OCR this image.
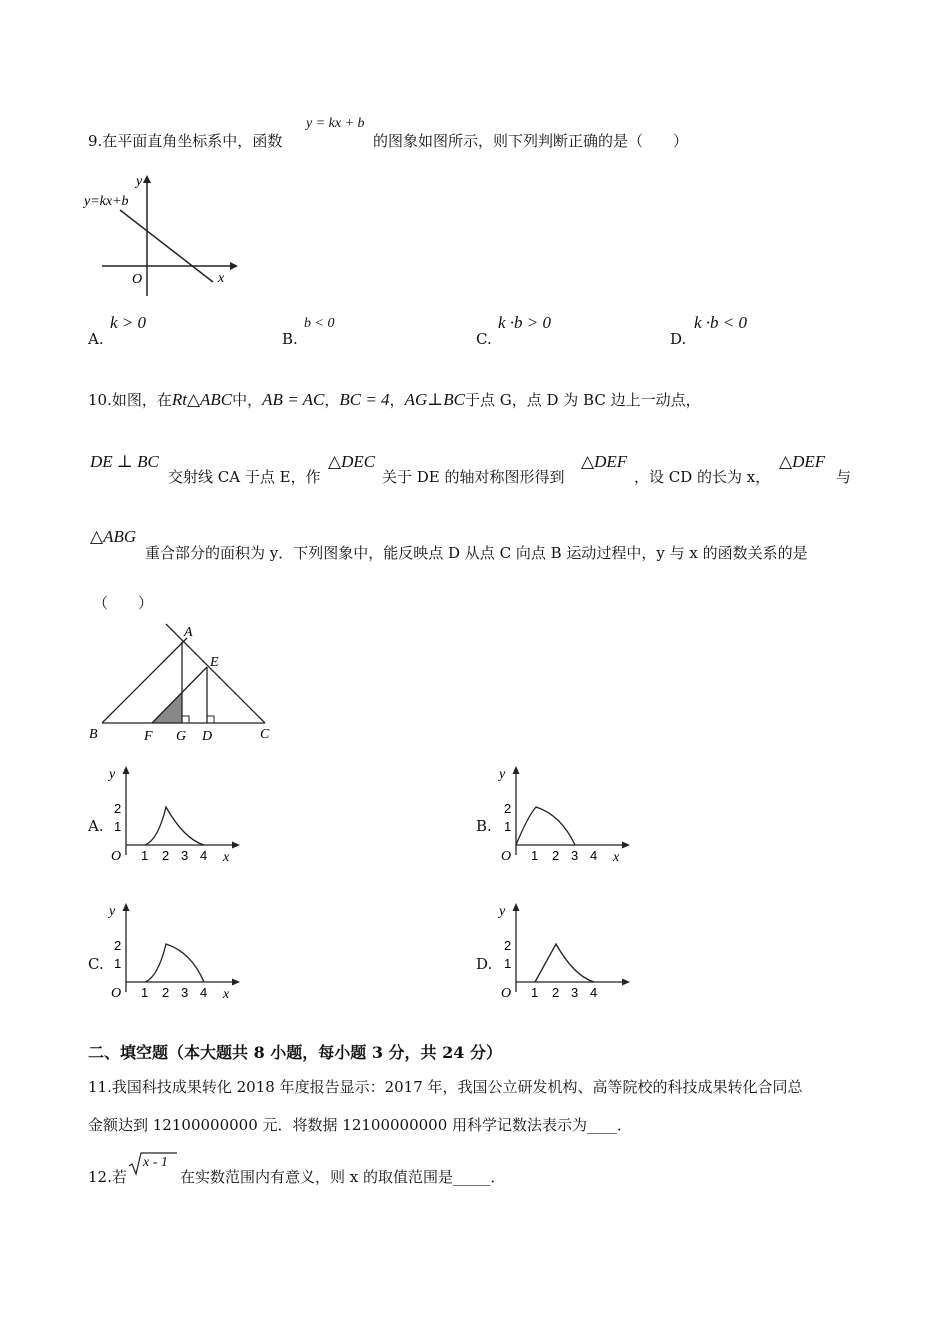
9.在平面直角坐标系中，函数
y = kx + b
的图象如图所示，则下列判断正确的是（　　）
y=kx+b
y
x
O
A.
k > 0
B.
b < 0
C.
k ·b > 0
D.
k ·b < 0
10.如图，在Rt△ABC中，AB = AC，BC = 4，AG⊥BC于点 G，点 D 为 BC 边上一动点，
DE ⊥ BC
交射线 CA 于点 E，作
△DEC
关于 DE 的轴对称图形得到
△DEF
，设 CD 的长为 x，
△DEF
与
△ABG
重合部分的面积为 y．下列图象中，能反映点 D 从点 C 向点 B 运动过程中，y 与 x 的函数关系的是
（　　）
A
E
B	F G D	C
A.	B.
C.	D.
y
x
O
2
1
1 2 3 4
y
x
O
2
1
1 2 3 4
y
x
O
2
1
1 2 3 4
y
O
2
1
1 2 3 4
二、填空题（本大题共 8 小题，每小题 3 分，共 24 分）
11.我国科技成果转化 2018 年度报告显示：2017 年，我国公立研发机构、高等院校的科技成果转化合同总
金额达到 12100000000 元．将数据 12100000000 用科学记数法表示为____．
12.若
x - 1
在实数范围内有意义，则 x 的取值范围是_____．
